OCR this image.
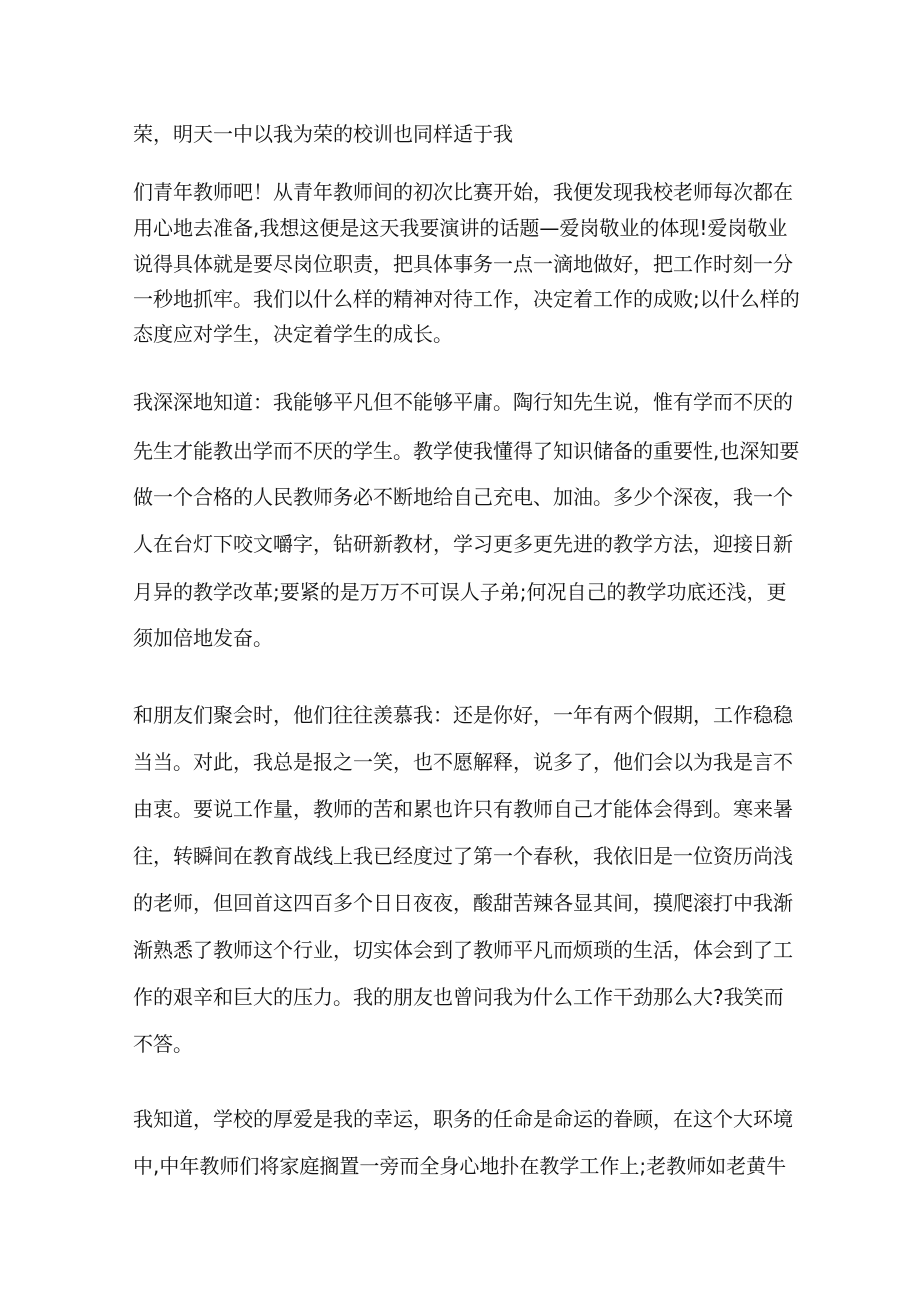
荣，明天一中以我为荣的校训也同样适于我
们青年教师吧！从青年教师间的初次比赛开始，我便发现我校老师每次都在
用心地去准备,我想这便是这天我要演讲的话题—爱岗敬业的体现!爱岗敬业
说得具体就是要尽岗位职责，把具体事务一点一滴地做好，把工作时刻一分
一秒地抓牢。我们以什么样的精神对待工作，决定着工作的成败;以什么样的
态度应对学生，决定着学生的成长。
我深深地知道：我能够平凡但不能够平庸。陶行知先生说，惟有学而不厌的
先生才能教出学而不厌的学生。教学使我懂得了知识储备的重要性,也深知要
做一个合格的人民教师务必不断地给自己充电、加油。多少个深夜，我一个
人在台灯下咬文嚼字，钻研新教材，学习更多更先进的教学方法，迎接日新
月异的教学改革;要紧的是万万不可误人子弟;何况自己的教学功底还浅，更
须加倍地发奋。
和朋友们聚会时，他们往往羡慕我：还是你好，一年有两个假期，工作稳稳
当当。对此，我总是报之一笑，也不愿解释，说多了，他们会以为我是言不
由衷。要说工作量，教师的苦和累也许只有教师自己才能体会得到。寒来暑
往，转瞬间在教育战线上我已经度过了第一个春秋，我依旧是一位资历尚浅
的老师，但回首这四百多个日日夜夜，酸甜苦辣各显其间，摸爬滚打中我渐
渐熟悉了教师这个行业，切实体会到了教师平凡而烦琐的生活，体会到了工
作的艰辛和巨大的压力。我的朋友也曾问我为什么工作干劲那么大?我笑而
不答。
我知道，学校的厚爱是我的幸运，职务的任命是命运的眷顾，在这个大环境
中,中年教师们将家庭搁置一旁而全身心地扑在教学工作上;老教师如老黄牛
